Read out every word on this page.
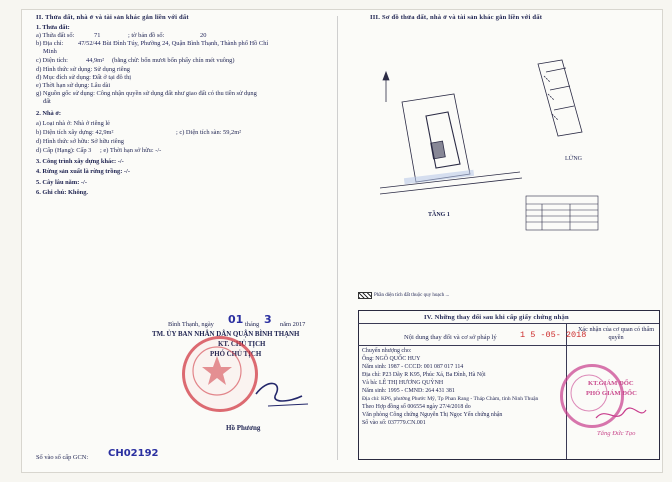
II. Thửa đất, nhà ở và tài sản khác gắn liền với đất
1. Thửa đất:
a) Thửa đất số:	71	; tờ bản đồ số:	20
b) Địa chỉ: 47/52/44 Bùi Đình Túy, Phường 24, Quận Bình Thạnh, Thành phố Hồ Chí
Minh
c) Diện tích:	44,9m² (bằng chữ: bốn mươi bốn phẩy chín mét vuông)
d) Hình thức sử dụng: Sử dụng riêng
đ) Mục đích sử dụng: Đất ở tại đô thị
e) Thời hạn sử dụng: Lâu dài
g) Nguồn gốc sử dụng: Công nhận quyền sử dụng đất như giao đất có thu tiền sử dụng
đất
2. Nhà ở:
a) Loại nhà ở: Nhà ở riêng lẻ
b) Diện tích xây dựng: 42,9m²	; c) Diện tích sàn: 59,2m²
d) Hình thức sở hữu: Sở hữu riêng
d) Cấp (Hạng): Cấp 3 ; e) Thời hạn sở hữu: -/-
3. Công trình xây dựng khác: -/-
4. Rừng sản xuất là rừng trồng: -/-
5. Cây lâu năm: -/-
6. Ghi chú: Không.
Bình Thạnh, ngày 01 tháng 3 năm 2017
TM. ỦY BAN NHÂN DÂN QUẬN BÌNH THẠNH
KT. CHỦ TỊCH
PHÓ CHỦ TỊCH
Hồ Phương
Số vào sổ cấp GCN: CH02192
III. Sơ đồ thửa đất, nhà ở và tài sản khác gắn liền với đất
TẦNG 1
LỬNG
Phần diện tích đất thuộc quy hoạch ...
IV. Những thay đổi sau khi cấp giấy chứng nhận
Nội dung thay đổi và cơ sở pháp lý
Xác nhận của cơ quan có thẩm quyền
1 5 -05- 2018
Chuyển nhượng cho:
Ông: NGÔ QUỐC HUY
Năm sinh: 1987 - CCCD: 001 087 017 114
Địa chỉ: P23 Dãy R K95, Phúc Xá, Ba Đình, Hà Nội
Và bà: LÊ THỊ HƯƠNG QUỲNH
Năm sinh: 1995 - CMND: 264 431 381
Địa chỉ: KP6, phường Phước Mỹ, Tp Phan Rang - Tháp Chàm, tỉnh Ninh Thuận
Theo Hợp đồng số 006554 ngày 27/4/2018 do
Văn phòng Công chứng Nguyễn Thị Ngọc Yến chứng nhận
Số vào sổ: 037779.CN.001
KT.GIÁM ĐỐC
PHÓ GIÁM ĐỐC
Tăng Đức Tạo
